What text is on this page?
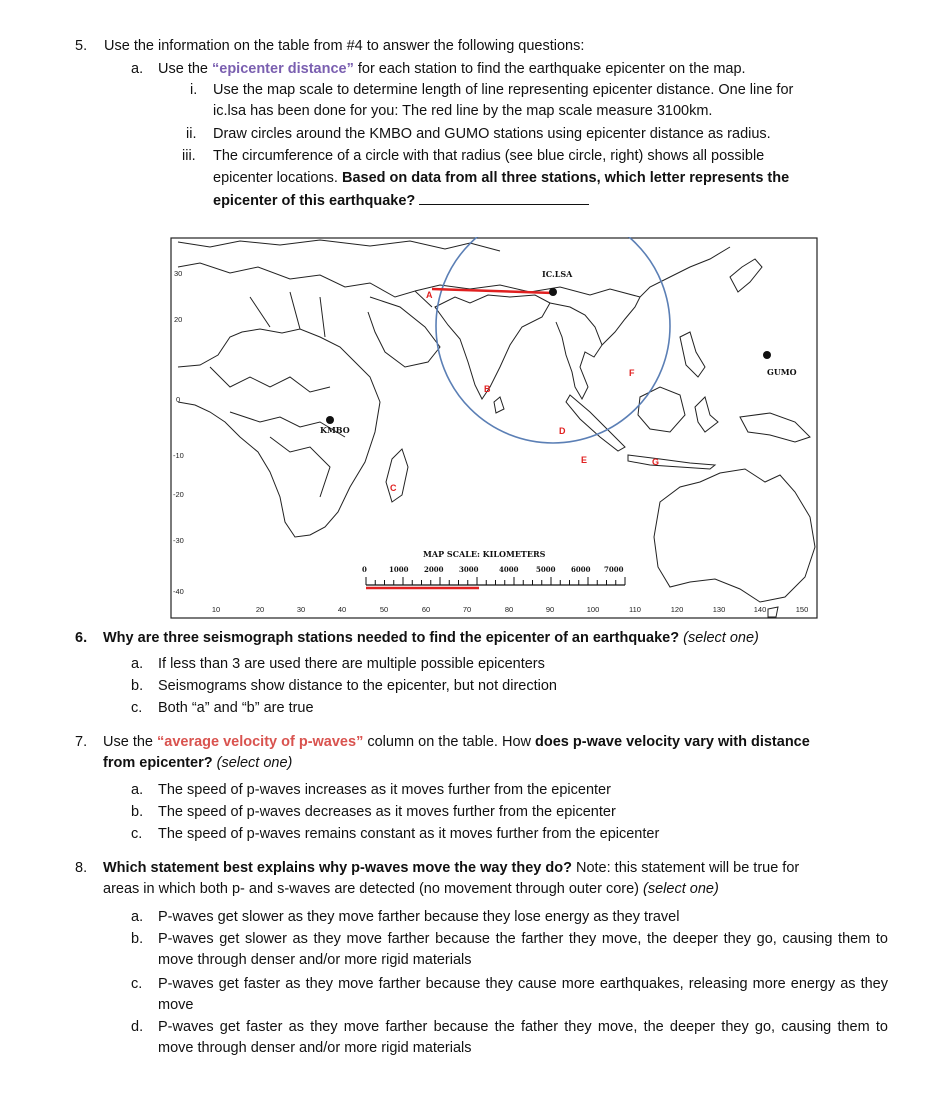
5. Use the information on the table from #4 to answer the following questions:
a. Use the “epicenter distance” for each station to find the earthquake epicenter on the map.
i. Use the map scale to determine length of line representing epicenter distance. One line for
ic.lsa has been done for you: The red line by the map scale measure 3100km.
ii. Draw circles around the KMBO and GUMO stations using epicenter distance as radius.
iii. The circumference of a circle with that radius (see blue circle, right) shows all possible
epicenter locations. Based on data from all three stations, which letter represents the
epicenter of this earthquake?
30
20
0
-10
-20
-30
-40
10	20	30	40	50	60	70	80	90	100	110	120	130	140	150
IC.LSA
KMBO
GUMO
A
B
C
D
E
F
G
MAP SCALE: KILOMETERS
0	1000 2000 3000	4000	5000 6000 7000
6. Why are three seismograph stations needed to find the epicenter of an earthquake? (select one)
a. If less than 3 are used there are multiple possible epicenters
b. Seismograms show distance to the epicenter, but not direction
c. Both “a” and “b” are true
7. Use the “average velocity of p-waves” column on the table. How does p-wave velocity vary with distance
from epicenter? (select one)
a. The speed of p-waves increases as it moves further from the epicenter
b. The speed of p-waves decreases as it moves further from the epicenter
c. The speed of p-waves remains constant as it moves further from the epicenter
8. Which statement best explains why p-waves move the way they do? Note: this statement will be true for
areas in which both p- and s-waves are detected (no movement through outer core) (select one)
a. P-waves get slower as they move farther because they lose energy as they travel
b. P-waves get slower as they move farther because the farther they move, the deeper they go, causing them to move through denser and/or more rigid materials
c. P-waves get faster as they move farther because they cause more earthquakes, releasing more energy as they move
d. P-waves get faster as they move farther because the father they move, the deeper they go, causing them to move through denser and/or more rigid materials
